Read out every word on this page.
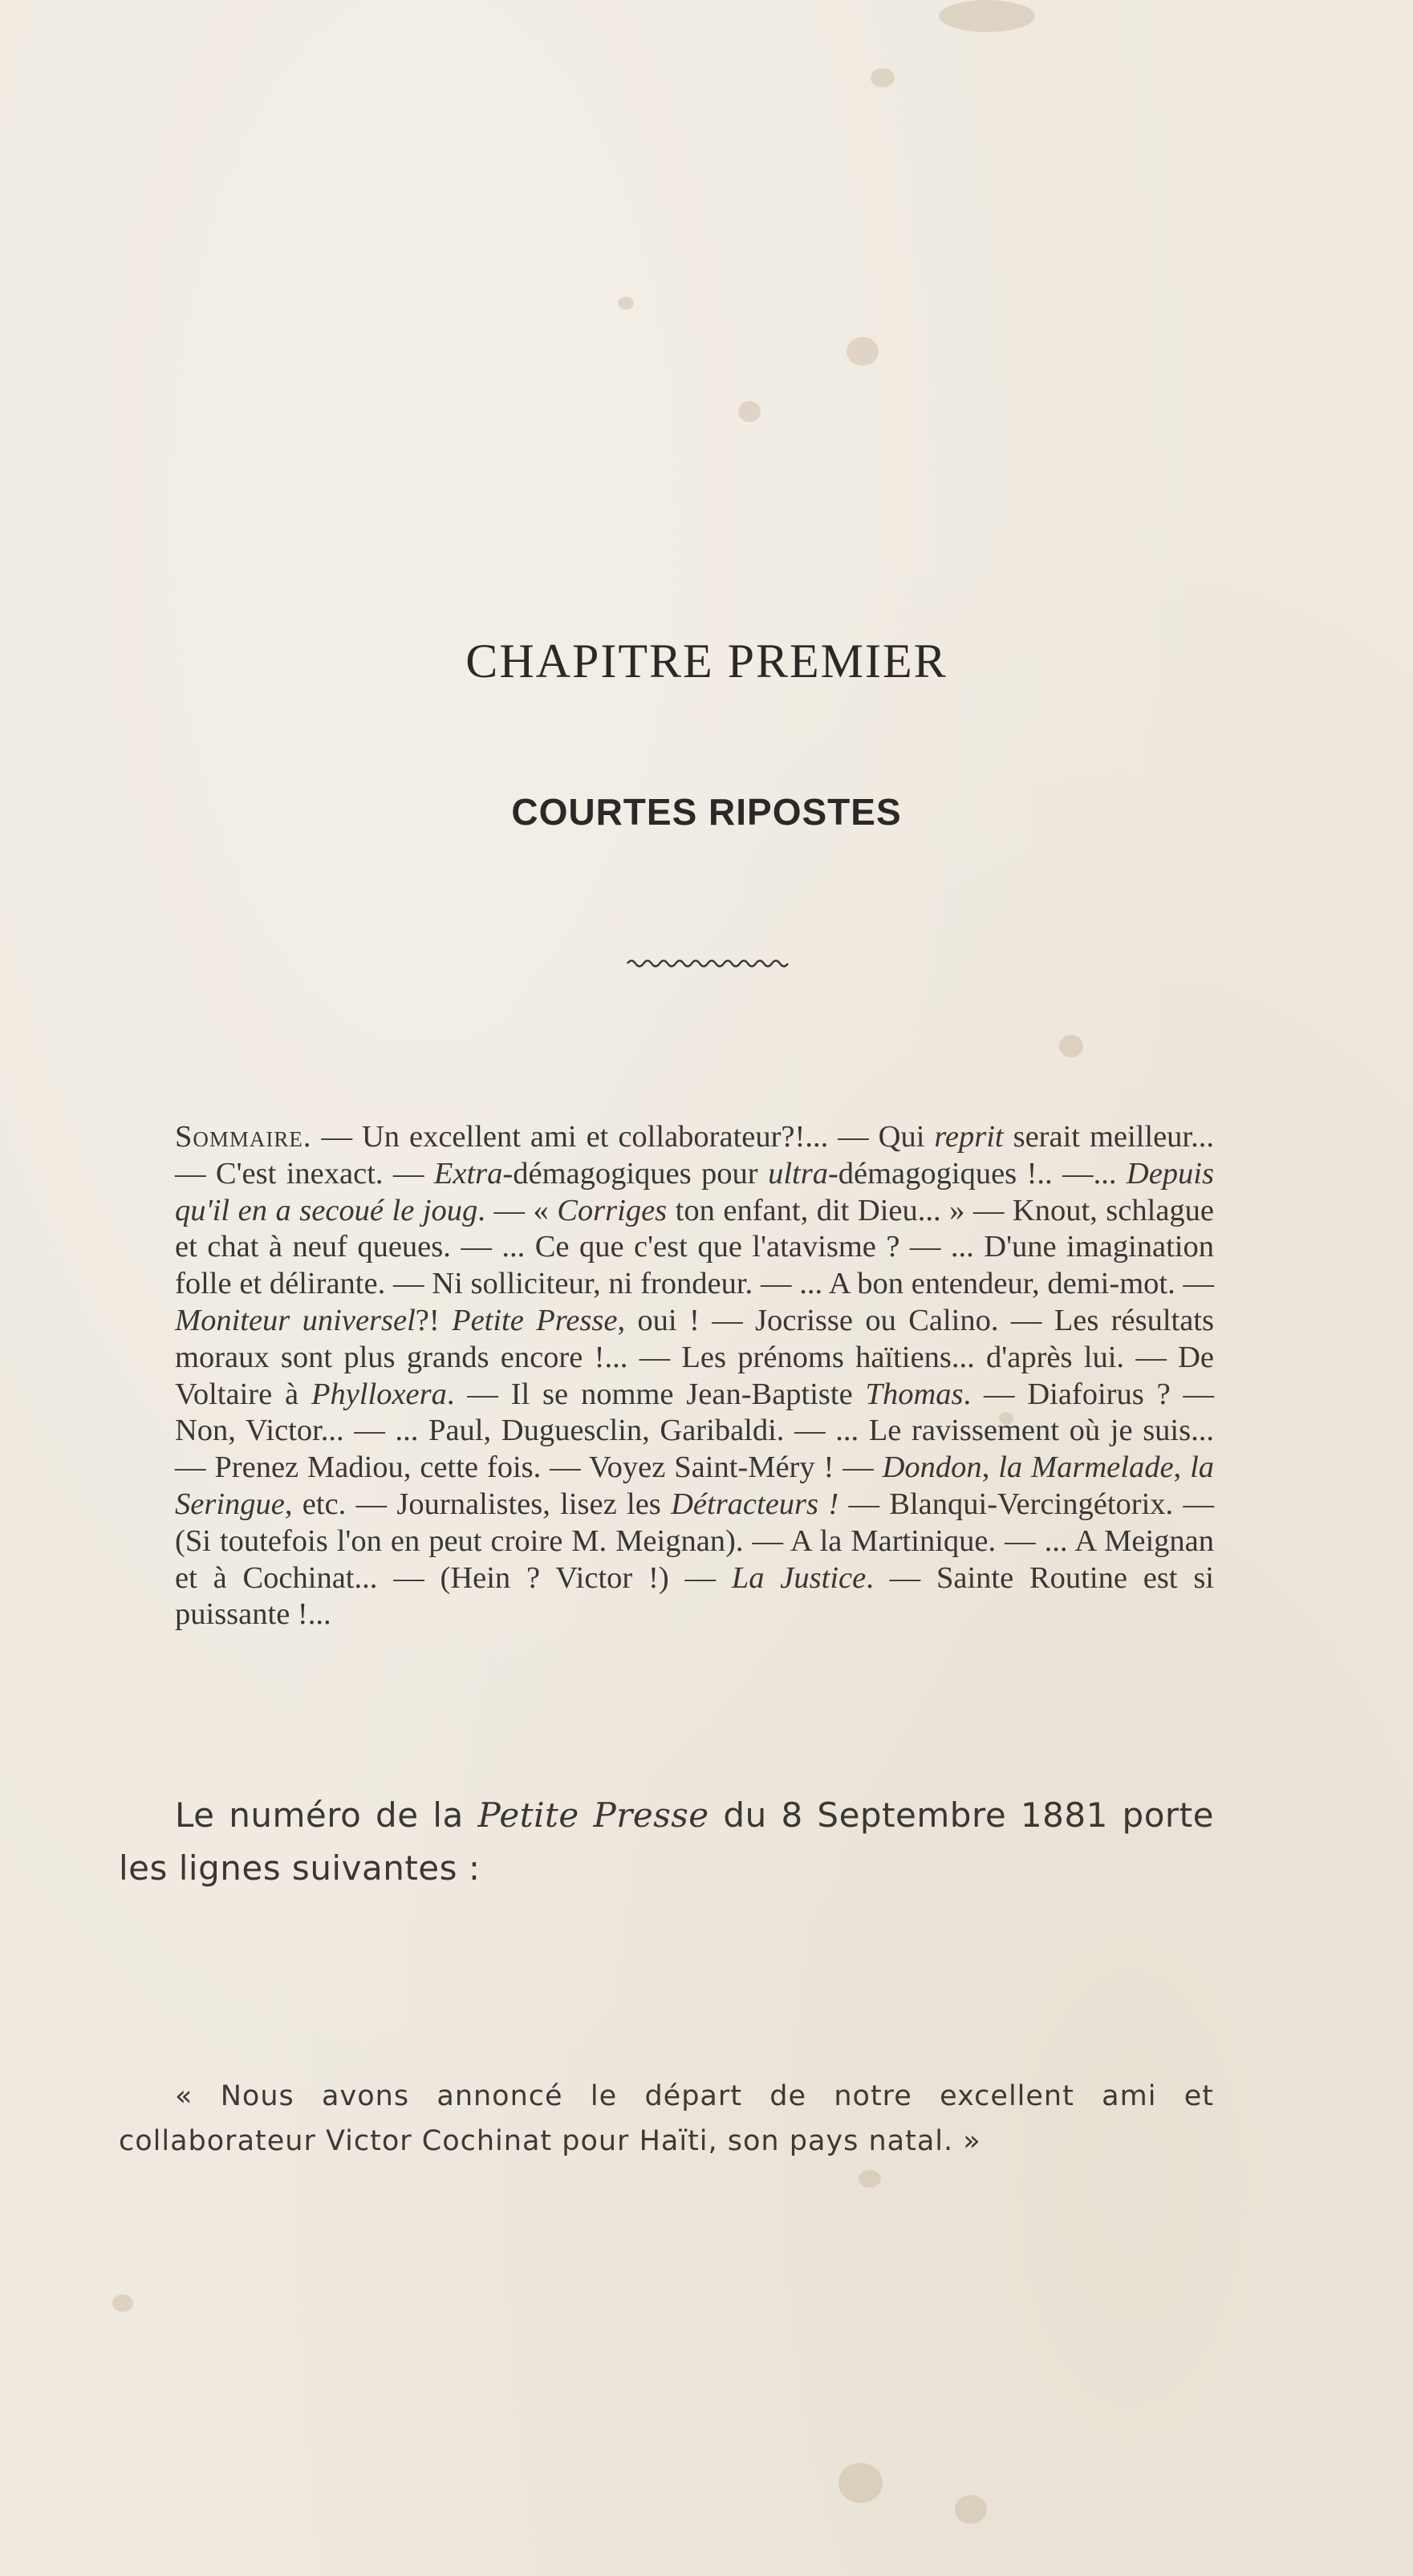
CHAPITRE PREMIER
COURTES RIPOSTES

Sommaire. — Un excellent ami et collaborateur?!... — Qui reprit serait meilleur... — C'est inexact. — Extra-démagogiques pour ultra-démagogiques !.. —... Depuis qu'il en a secoué le joug. — « Corriges ton enfant, dit Dieu... » — Knout, schlague et chat à neuf queues. — ... Ce que c'est que l'atavisme ? — ... D'une imagination folle et délirante. — Ni solliciteur, ni frondeur. — ... A bon entendeur, demi-mot. — Moniteur universel?! Petite Presse, oui ! — Jocrisse ou Calino. — Les résultats moraux sont plus grands encore !... — Les prénoms haïtiens... d'après lui. — De Voltaire à Phylloxera. — Il se nomme Jean-Baptiste Thomas. — Diafoirus ? — Non, Victor... — ... Paul, Duguesclin, Garibaldi. — ... Le ravissement où je suis... — Prenez Madiou, cette fois. — Voyez Saint-Méry ! — Dondon, la Marmelade, la Seringue, etc. — Journalistes, lisez les Détracteurs ! — Blanqui-Vercingétorix. — (Si toutefois l'on en peut croire M. Meignan). — A la Martinique. — ... A Meignan et à Cochinat... — (Hein ? Victor !) — La Justice. — Sainte Routine est si puissante !...

Le numéro de la Petite Presse du 8 Septembre 1881 porte les lignes suivantes :

« Nous avons annoncé le départ de notre excellent ami et collaborateur Victor Cochinat pour Haïti, son pays natal. »
